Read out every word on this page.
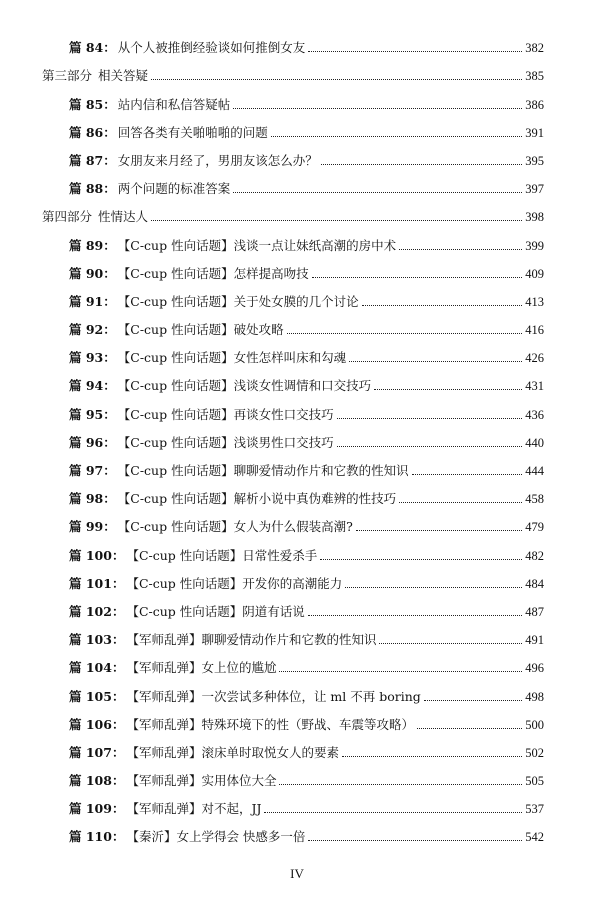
篇 84： 从个人被推倒经验谈如何推倒女友	382
第三部分 相关答疑	385
篇 85： 站内信和私信答疑帖	386
篇 86： 回答各类有关啪啪啪的问题	391
篇 87： 女朋友来月经了，男朋友该怎么办？	395
篇 88： 两个问题的标准答案	397
第四部分 性情达人	398
篇 89： 【C-cup 性向话题】浅谈一点让妹纸高潮的房中术	399
篇 90： 【C-cup 性向话题】怎样提高吻技	409
篇 91： 【C-cup 性向话题】关于处女膜的几个讨论	413
篇 92： 【C-cup 性向话题】破处攻略	416
篇 93： 【C-cup 性向话题】女性怎样叫床和勾魂	426
篇 94： 【C-cup 性向话题】浅谈女性调情和口交技巧	431
篇 95： 【C-cup 性向话题】再谈女性口交技巧	436
篇 96： 【C-cup 性向话题】浅谈男性口交技巧	440
篇 97： 【C-cup 性向话题】聊聊爱情动作片和它教的性知识	444
篇 98： 【C-cup 性向话题】解析小说中真伪难辨的性技巧	458
篇 99： 【C-cup 性向话题】女人为什么假装高潮?	479
篇 100： 【C-cup 性向话题】日常性爱杀手	482
篇 101： 【C-cup 性向话题】开发你的高潮能力	484
篇 102： 【C-cup 性向话题】阴道有话说	487
篇 103： 【军师乱弹】聊聊爱情动作片和它教的性知识	491
篇 104： 【军师乱弹】女上位的尴尬	496
篇 105： 【军师乱弹】一次尝试多种体位，让 ml 不再 boring	498
篇 106： 【军师乱弹】特殊环境下的性（野战、车震等攻略）	500
篇 107： 【军师乱弹】滚床单时取悦女人的要素	502
篇 108： 【军师乱弹】实用体位大全	505
篇 109： 【军师乱弹】对不起，JJ	537
篇 110： 【秦沂】女上学得会 快感多一倍	542
IV
